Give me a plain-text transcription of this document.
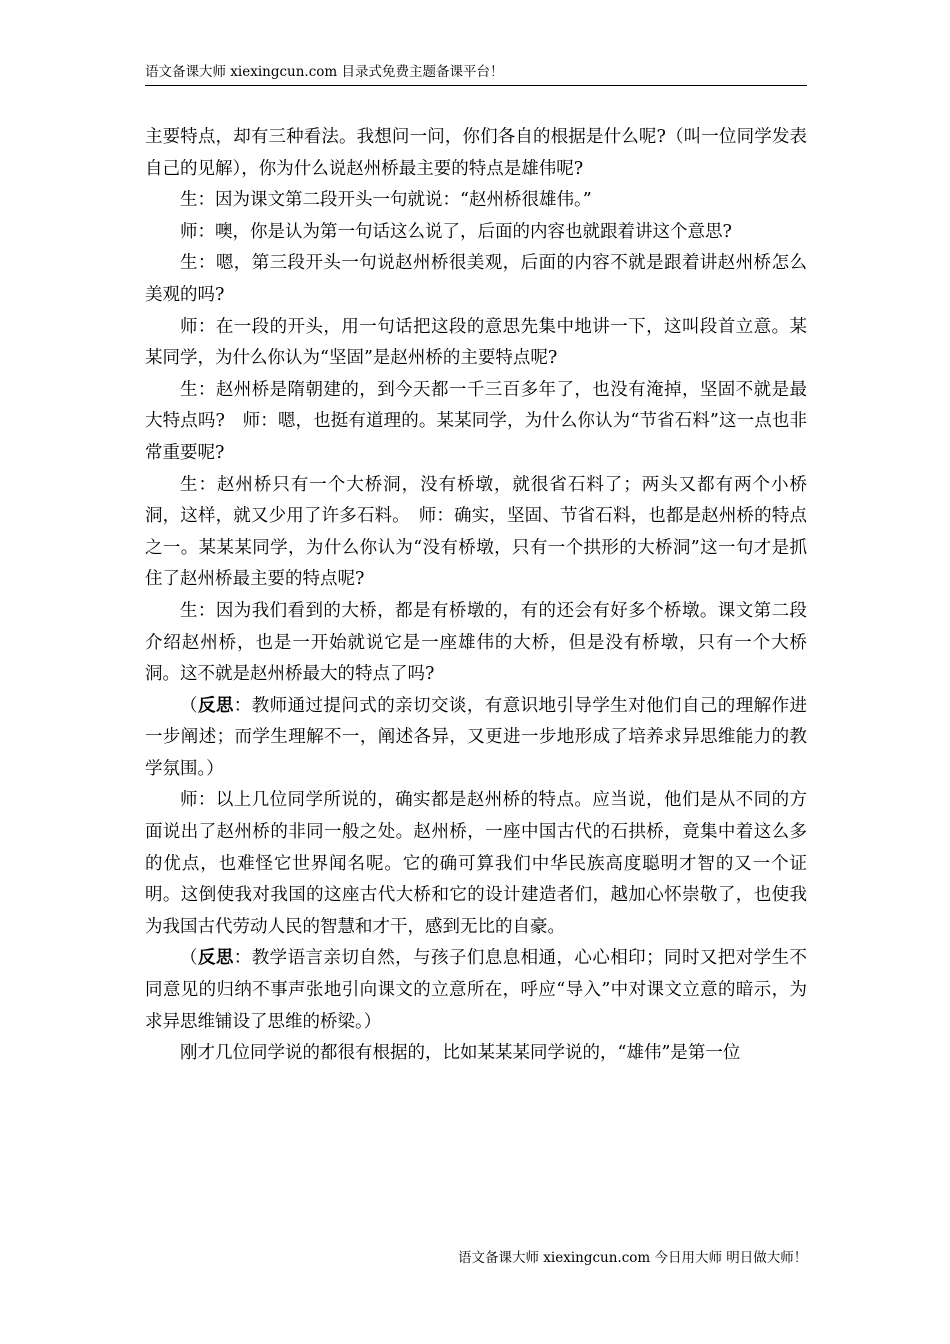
语文备课大师 xiexingcun.com 目录式免费主题备课平台！

主要特点，却有三种看法。我想问一问，你们各自的根据是什么呢?（叫一位同学发表自己的见解），你为什么说赵州桥最主要的特点是雄伟呢?

生：因为课文第二段开头一句就说：“赵州桥很雄伟。”

师：噢，你是认为第一句话这么说了，后面的内容也就跟着讲这个意思?

生：嗯，第三段开头一句说赵州桥很美观，后面的内容不就是跟着讲赵州桥怎么美观的吗?

师：在一段的开头，用一句话把这段的意思先集中地讲一下，这叫段首立意。某某同学，为什么你认为“坚固”是赵州桥的主要特点呢?

生：赵州桥是隋朝建的，到今天都一千三百多年了，也没有淹掉，坚固不就是最大特点吗?　师：嗯，也挺有道理的。某某同学，为什么你认为“节省石料”这一点也非常重要呢?

生：赵州桥只有一个大桥洞，没有桥墩，就很省石料了；两头又都有两个小桥洞，这样，就又少用了许多石料。　师：确实，坚固、节省石料，也都是赵州桥的特点之一。某某某同学，为什么你认为“没有桥墩，只有一个拱形的大桥洞”这一句才是抓住了赵州桥最主要的特点呢?

生：因为我们看到的大桥，都是有桥墩的，有的还会有好多个桥墩。课文第二段介绍赵州桥，也是一开始就说它是一座雄伟的大桥，但是没有桥墩，只有一个大桥洞。这不就是赵州桥最大的特点了吗?

（反思：教师通过提问式的亲切交谈，有意识地引导学生对他们自己的理解作进一步阐述；而学生理解不一，阐述各异，又更进一步地形成了培养求异思维能力的教学氛围。）

师：以上几位同学所说的，确实都是赵州桥的特点。应当说，他们是从不同的方面说出了赵州桥的非同一般之处。赵州桥，一座中国古代的石拱桥，竟集中着这么多的优点，也难怪它世界闻名呢。它的确可算我们中华民族高度聪明才智的又一个证明。这倒使我对我国的这座古代大桥和它的设计建造者们，越加心怀崇敬了，也使我为我国古代劳动人民的智慧和才干，感到无比的自豪。

（反思：教学语言亲切自然，与孩子们息息相通，心心相印；同时又把对学生不同意见的归纳不事声张地引向课文的立意所在，呼应“导入”中对课文立意的暗示，为求异思维铺设了思维的桥梁。）

刚才几位同学说的都很有根据的，比如某某某同学说的，“雄伟”是第一位

语文备课大师 xiexingcun.com 今日用大师 明日做大师！
